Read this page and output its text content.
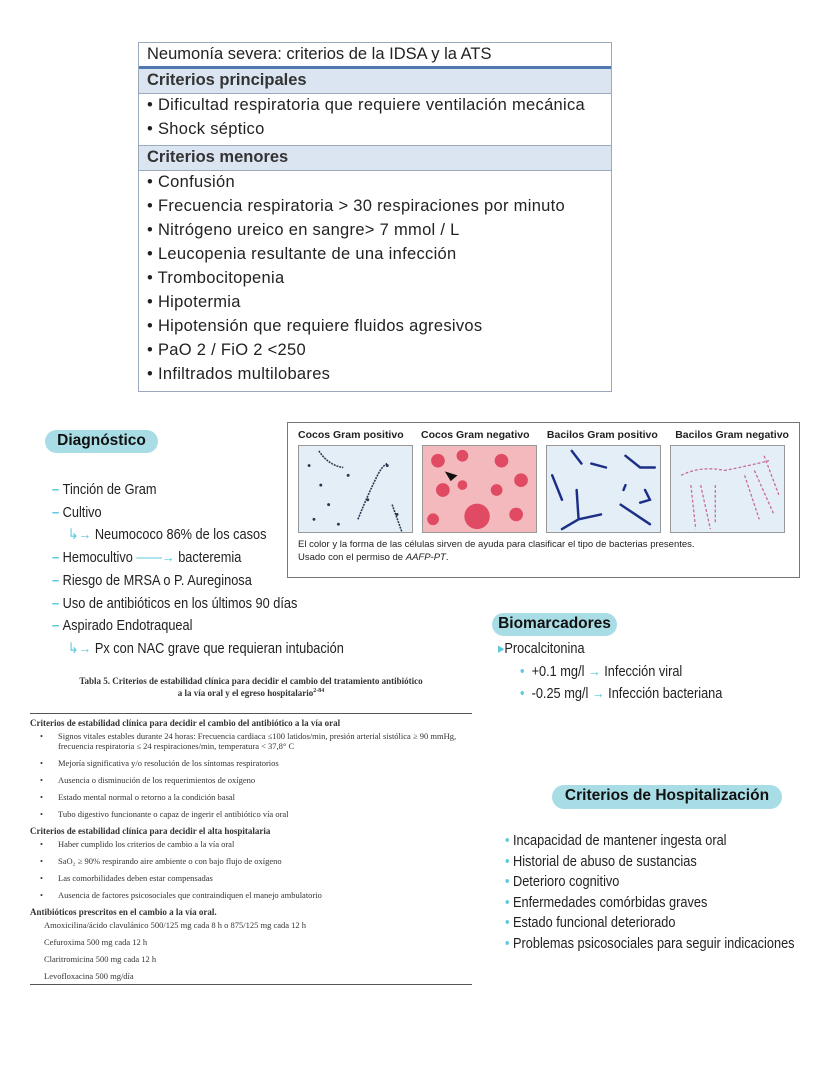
Neumonía severa: criterios de la IDSA y la ATS
Criterios principales
• Dificultad respiratoria que requiere ventilación mecánica
• Shock séptico
Criterios menores
• Confusión
• Frecuencia respiratoria > 30 respiraciones por minuto
• Nitrógeno ureico en sangre> 7 mmol / L
• Leucopenia resultante de una infección
• Trombocitopenia
• Hipotermia
• Hipotensión que requiere fluidos agresivos
• PaO 2 / FiO 2 <250
• Infiltrados multilobares
Diagnóstico
– Tinción de Gram
– Cultivo
↳→ Neumococo 86% de los casos
– Hemocultivo ——→ bacteremia
– Riesgo de MRSA o P. Aureginosa
– Uso de antibióticos en los últimos 90 días
– Aspirado Endotraqueal
↳→ Px con NAC grave que requieran intubación
Cocos Gram positivo Cocos Gram negativo Bacilos Gram positivo Bacilos Gram negativo
El color y la forma de las células sirven de ayuda para clasificar el tipo de bacterias presentes.
Usado con el permiso de AAFP-PT.
Biomarcadores
▸Procalcitonina
• +0.1 mg/l → Infección viral
• -0.25 mg/l → Infección bacteriana
Tabla 5. Criterios de estabilidad clínica para decidir el cambio del tratamiento antibiótico
a la vía oral y el egreso hospitalario$^{2-84}$
Criterios de estabilidad clínica para decidir el cambio del antibiótico a la vía oral
• Signos vitales estables durante 24 horas: Frecuencia cardiaca ≤100 latidos/min, presión arterial sistólica ≥ 90 mmHg, frecuencia respiratoria ≤ 24 respiraciones/min, temperatura < 37,8° C
• Mejoría significativa y/o resolución de los síntomas respiratorios
• Ausencia o disminución de los requerimientos de oxígeno
• Estado mental normal o retorno a la condición basal
• Tubo digestivo funcionante o capaz de ingerir el antibiótico vía oral
Criterios de estabilidad clínica para decidir el alta hospitalaria
• Haber cumplido los criterios de cambio a la vía oral
• SaO₂ ≥ 90% respirando aire ambiente o con bajo flujo de oxígeno
• Las comorbilidades deben estar compensadas
• Ausencia de factores psicosociales que contraindiquen el manejo ambulatorio
Antibióticos prescritos en el cambio a la vía oral.
Amoxicilina/ácido clavulánico 500/125 mg cada 8 h o 875/125 mg cada 12 h
Cefuroxima 500 mg cada 12 h
Claritromicina 500 mg cada 12 h
Levofloxacina 500 mg/día
Criterios de Hospitalización
• Incapacidad de mantener ingesta oral
• Historial de abuso de sustancias
• Deterioro cognitivo
• Enfermedades comórbidas graves
• Estado funcional deteriorado
• Problemas psicosociales para seguir indicaciones
